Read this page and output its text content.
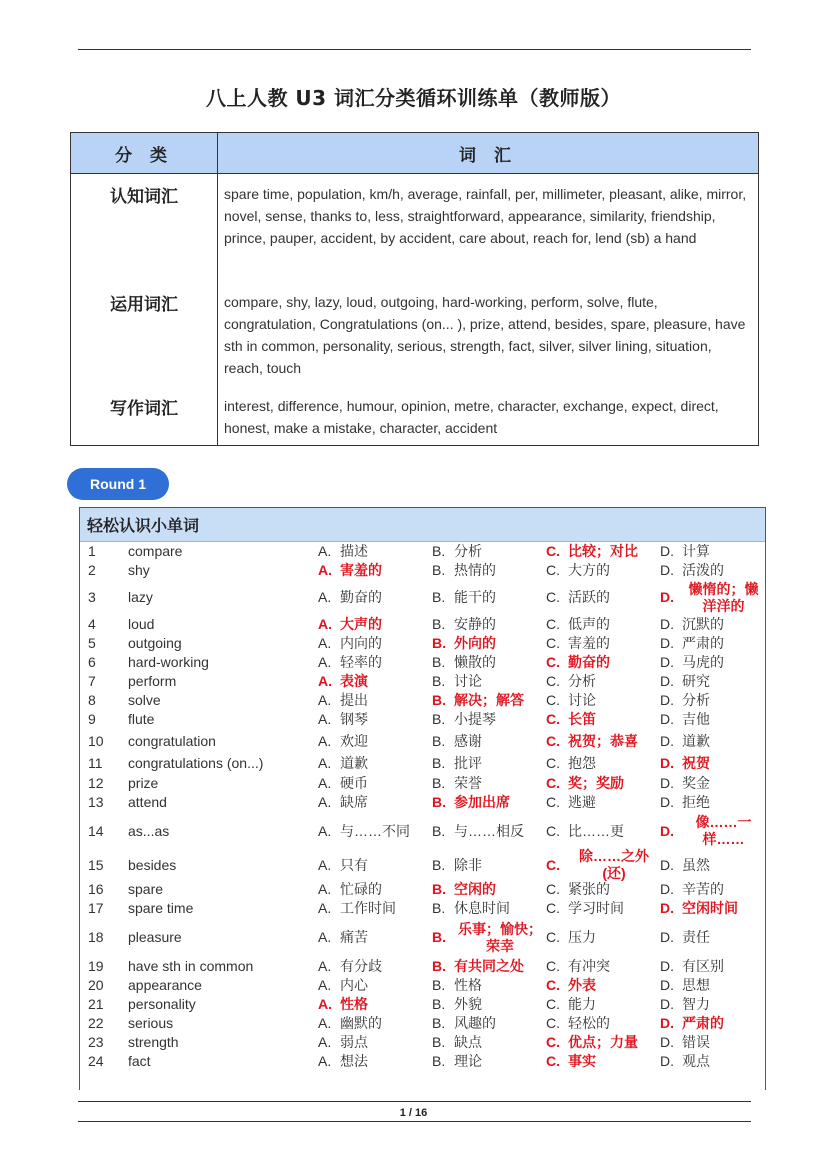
八上人教 U3 词汇分类循环训练单（教师版）
分 类	词 汇
认知词汇	spare time, population, km/h, average, rainfall, per, millimeter, pleasant, alike, mirror, novel, sense, thanks to, less, straightforward, appearance, similarity, friendship, prince, pauper, accident, by accident, care about, reach for, lend (sb) a hand
运用词汇	compare, shy, lazy, loud, outgoing, hard-working, perform, solve, flute, congratulation, Congratulations (on... ), prize, attend, besides, spare, pleasure, have sth in common, personality, serious, strength, fact, silver, silver lining, situation, reach, touch
写作词汇	interest, difference, humour, opinion, metre, character, exchange, expect, direct, honest, make a mistake, character, accident
Round 1
轻松认识小单词
1	compare	A. 描述	B. 分析	C. 比较；对比	D. 计算
2	shy	A. 害羞的	B. 热情的	C. 大方的	D. 活泼的
3	lazy	A. 勤奋的	B. 能干的	C. 活跃的	D.
懒惰的；懒洋洋的
4	loud	A. 大声的	B. 安静的	C. 低声的	D. 沉默的
5	outgoing	A. 内向的	B. 外向的	C. 害羞的	D. 严肃的
6	hard-working	A. 轻率的	B. 懒散的	C. 勤奋的	D. 马虎的
7	perform	A. 表演	B. 讨论	C. 分析	D. 研究
8	solve	A. 提出	B. 解决；解答	C. 讨论	D. 分析
9	flute	A. 钢琴	B. 小提琴	C. 长笛	D. 吉他
10	congratulation	A. 欢迎	B. 感谢	C. 祝贺；恭喜	D. 道歉
11	congratulations (on...)	A. 道歉	B. 批评	C. 抱怨	D. 祝贺
12	prize	A. 硬币	B. 荣誉	C. 奖；奖励	D. 奖金
13	attend	A. 缺席	B. 参加出席	C. 逃避	D. 拒绝
14	as...as	A. 与……不同	B. 与……相反	C. 比……更	D.
像……一样……
15	besides	A. 只有	B. 除非	C.
除……之外(还)
D. 虽然
16	spare	A. 忙碌的	B. 空闲的	C. 紧张的	D. 辛苦的
17	spare time	A. 工作时间	B. 休息时间	C. 学习时间	D. 空闲时间
18	pleasure	A. 痛苦	B.
乐事；愉快；荣幸
C. 压力	D. 责任
19	have sth in common	A. 有分歧	B. 有共同之处	C. 有冲突	D. 有区别
20	appearance	A. 内心	B. 性格	C. 外表	D. 思想
21	personality	A. 性格	B. 外貌	C. 能力	D. 智力
22	serious	A. 幽默的	B. 风趣的	C. 轻松的	D. 严肃的
23	strength	A. 弱点	B. 缺点	C. 优点；力量	D. 错误
24	fact	A. 想法	B. 理论	C. 事实	D. 观点
1 / 16
